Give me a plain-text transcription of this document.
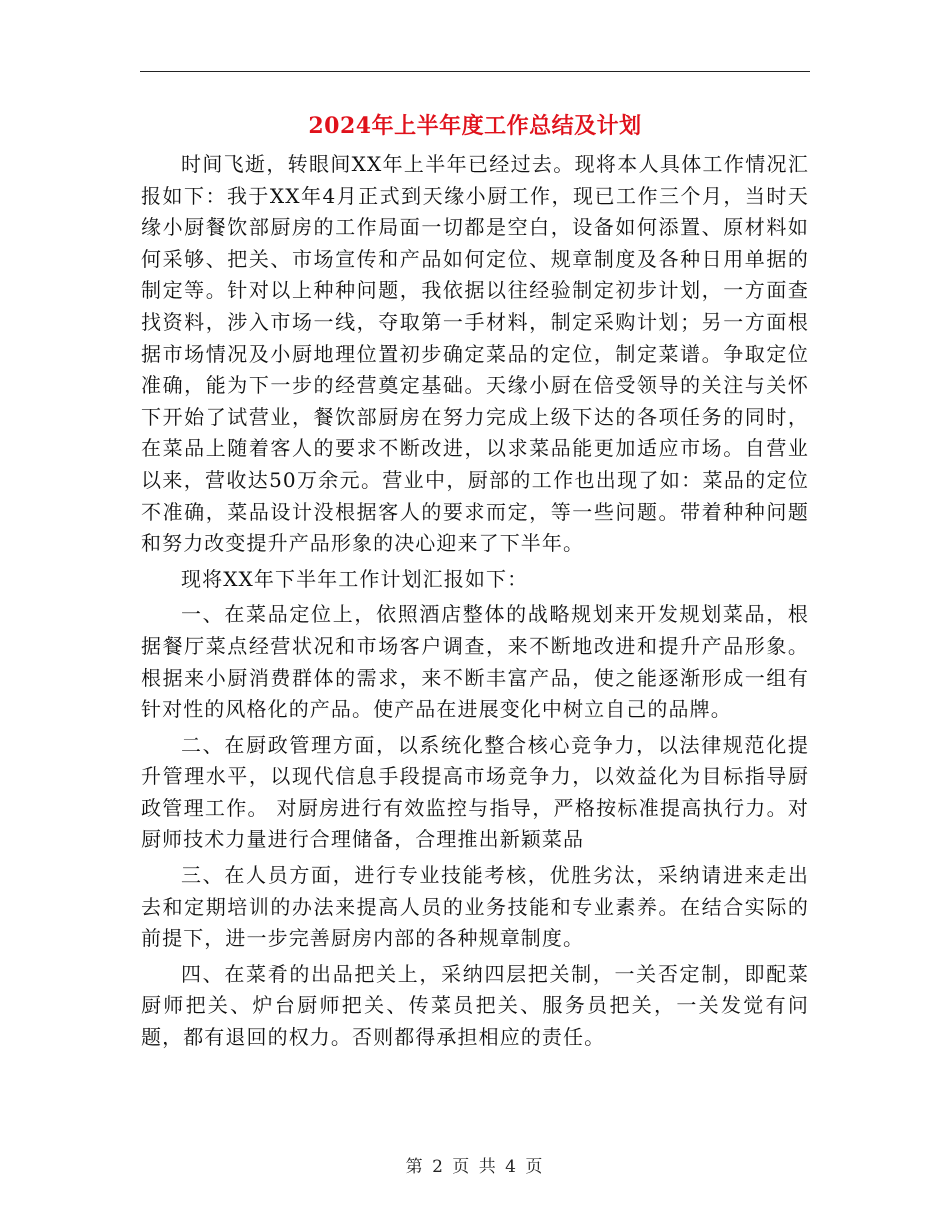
2024年上半年度工作总结及计划

时间飞逝，转眼间XX年上半年已经过去。现将本人具体工作情况汇报如下：我于XX年4月正式到天缘小厨工作，现已工作三个月，当时天缘小厨餐饮部厨房的工作局面一切都是空白，设备如何添置、原材料如何采够、把关、市场宣传和产品如何定位、规章制度及各种日用单据的制定等。针对以上种种问题，我依据以往经验制定初步计划，一方面查找资料，涉入市场一线，夺取第一手材料，制定采购计划；另一方面根据市场情况及小厨地理位置初步确定菜品的定位，制定菜谱。争取定位准确，能为下一步的经营奠定基础。天缘小厨在倍受领导的关注与关怀下开始了试营业，餐饮部厨房在努力完成上级下达的各项任务的同时，在菜品上随着客人的要求不断改进，以求菜品能更加适应市场。自营业以来，营收达50万余元。营业中，厨部的工作也出现了如：菜品的定位不准确，菜品设计没根据客人的要求而定，等一些问题。带着种种问题和努力改变提升产品形象的决心迎来了下半年。

现将XX年下半年工作计划汇报如下：

一、在菜品定位上，依照酒店整体的战略规划来开发规划菜品，根据餐厅菜点经营状况和市场客户调查，来不断地改进和提升产品形象。根据来小厨消费群体的需求，来不断丰富产品，使之能逐渐形成一组有针对性的风格化的产品。使产品在进展变化中树立自己的品牌。

二、在厨政管理方面，以系统化整合核心竞争力，以法律规范化提升管理水平，以现代信息手段提高市场竞争力，以效益化为目标指导厨政管理工作。 对厨房进行有效监控与指导，严格按标准提高执行力。对厨师技术力量进行合理储备，合理推出新颖菜品

三、在人员方面，进行专业技能考核，优胜劣汰，采纳请进来走出去和定期培训的办法来提高人员的业务技能和专业素养。在结合实际的前提下，进一步完善厨房内部的各种规章制度。

四、在菜肴的出品把关上，采纳四层把关制，一关否定制，即配菜厨师把关、炉台厨师把关、传菜员把关、服务员把关，一关发觉有问题，都有退回的权力。否则都得承担相应的责任。

第 2 页 共 4 页
